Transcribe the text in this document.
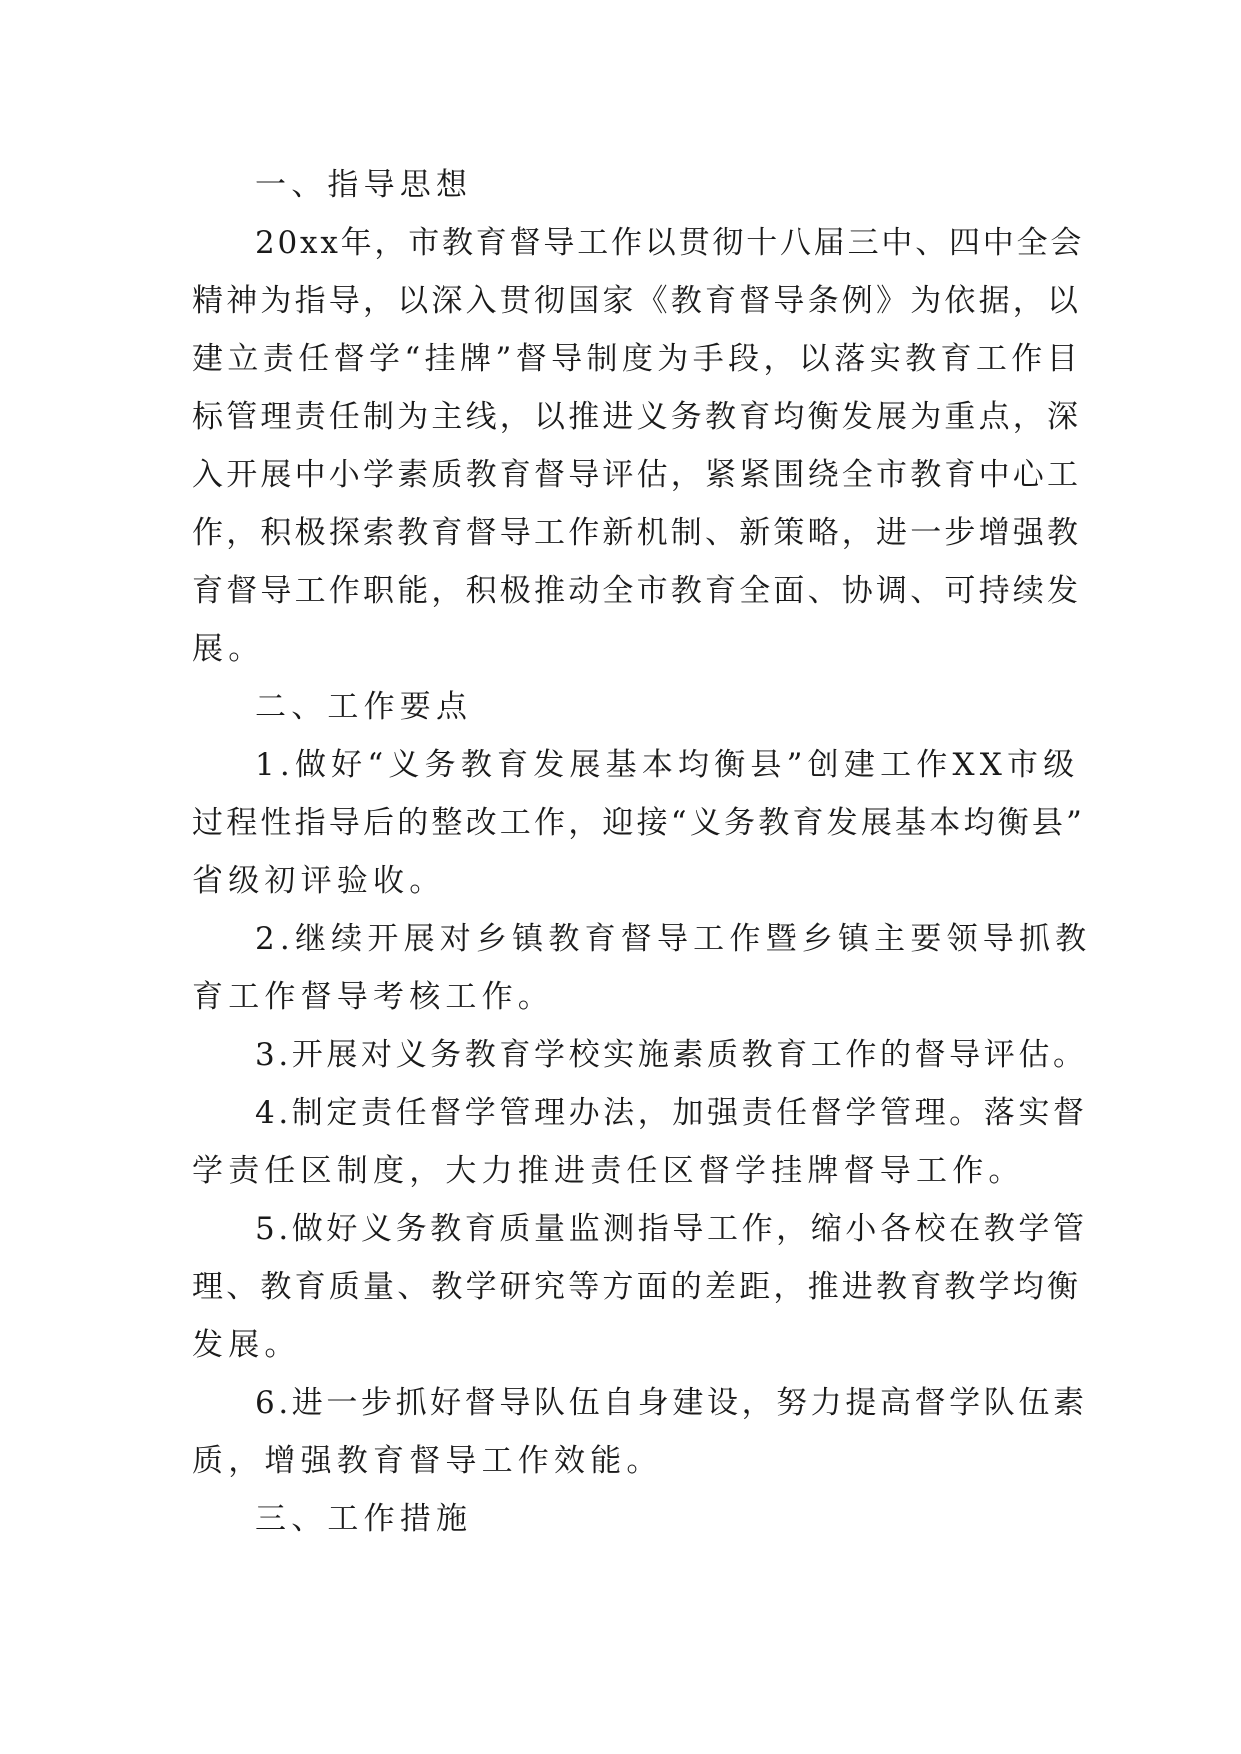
一、指导思想

20xx年，市教育督导工作以贯彻十八届三中、四中全会

精神为指导，以深入贯彻国家《教育督导条例》为依据，以

建立责任督学“挂牌”督导制度为手段，以落实教育工作目

标管理责任制为主线，以推进义务教育均衡发展为重点，深

入开展中小学素质教育督导评估，紧紧围绕全市教育中心工

作，积极探索教育督导工作新机制、新策略，进一步增强教

育督导工作职能，积极推动全市教育全面、协调、可持续发

展。

二、工作要点

1.做好“义务教育发展基本均衡县”创建工作XX市级

过程性指导后的整改工作，迎接“义务教育发展基本均衡县”

省级初评验收。

2.继续开展对乡镇教育督导工作暨乡镇主要领导抓教

育工作督导考核工作。

3.开展对义务教育学校实施素质教育工作的督导评估。

4.制定责任督学管理办法，加强责任督学管理。落实督

学责任区制度，大力推进责任区督学挂牌督导工作。

5.做好义务教育质量监测指导工作，缩小各校在教学管

理、教育质量、教学研究等方面的差距，推进教育教学均衡

发展。

6.进一步抓好督导队伍自身建设，努力提高督学队伍素

质，增强教育督导工作效能。

三、工作措施
